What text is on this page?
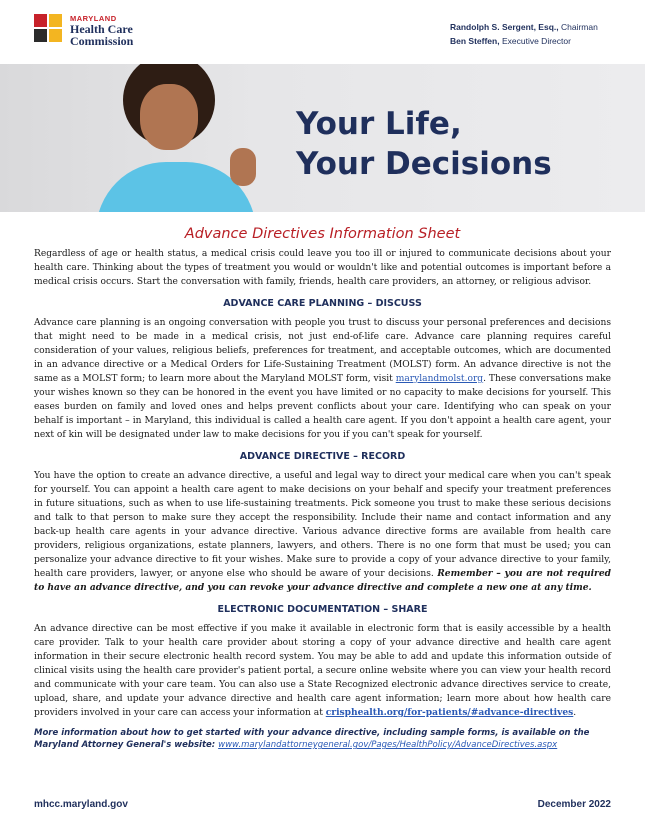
MARYLAND
Health Care
Commission
Randolph S. Sergent, Esq., Chairman
Ben Steffen, Executive Director
Your Life,
Your Decisions
Advance Directives Information Sheet

Regardless of age or health status, a medical crisis could leave you too ill or injured to communicate decisions about your health care. Thinking about the types of treatment you would or wouldn't like and potential outcomes is important before a medical crisis occurs. Start the conversation with family, friends, health care providers, an attorney, or religious advisor.

ADVANCE CARE PLANNING – DISCUSS

Advance care planning is an ongoing conversation with people you trust to discuss your personal preferences and decisions that might need to be made in a medical crisis, not just end-of-life care. Advance care planning requires careful consideration of your values, religious beliefs, preferences for treatment, and acceptable outcomes, which are documented in an advance directive or a Medical Orders for Life-Sustaining Treatment (MOLST) form. An advance directive is not the same as a MOLST form; to learn more about the Maryland MOLST form, visit marylandmolst.org. These conversations make your wishes known so they can be honored in the event you have limited or no capacity to make decisions for yourself. This eases burden on family and loved ones and helps prevent conflicts about your care. Identifying who can speak on your behalf is important – in Maryland, this individual is called a health care agent. If you don't appoint a health care agent, your next of kin will be designated under law to make decisions for you if you can't speak for yourself.

ADVANCE DIRECTIVE – RECORD

You have the option to create an advance directive, a useful and legal way to direct your medical care when you can't speak for yourself. You can appoint a health care agent to make decisions on your behalf and specify your treatment preferences in future situations, such as when to use life-sustaining treatments. Pick someone you trust to make these serious decisions and talk to that person to make sure they accept the responsibility. Include their name and contact information and any back-up health care agents in your advance directive. Various advance directive forms are available from health care providers, religious organizations, estate planners, lawyers, and others. There is no one form that must be used; you can personalize your advance directive to fit your wishes. Make sure to provide a copy of your advance directive to your family, health care providers, lawyer, or anyone else who should be aware of your decisions. Remember – you are not required to have an advance directive, and you can revoke your advance directive and complete a new one at any time.

ELECTRONIC DOCUMENTATION – SHARE

An advance directive can be most effective if you make it available in electronic form that is easily accessible by a health care provider. Talk to your health care provider about storing a copy of your advance directive and health care agent information in their secure electronic health record system. You may be able to add and update this information outside of clinical visits using the health care provider's patient portal, a secure online website where you can view your health record and communicate with your care team. You can also use a State Recognized electronic advance directives service to create, upload, share, and update your advance directive and health care agent information; learn more about how health care providers involved in your care can access your information at crisphealth.org/for-patients/#advance-directives.

More information about how to get started with your advance directive, including sample forms, is available on the Maryland Attorney General's website: www.marylandattorneygeneral.gov/Pages/HealthPolicy/AdvanceDirectives.aspx

mhcc.maryland.gov	December 2022
